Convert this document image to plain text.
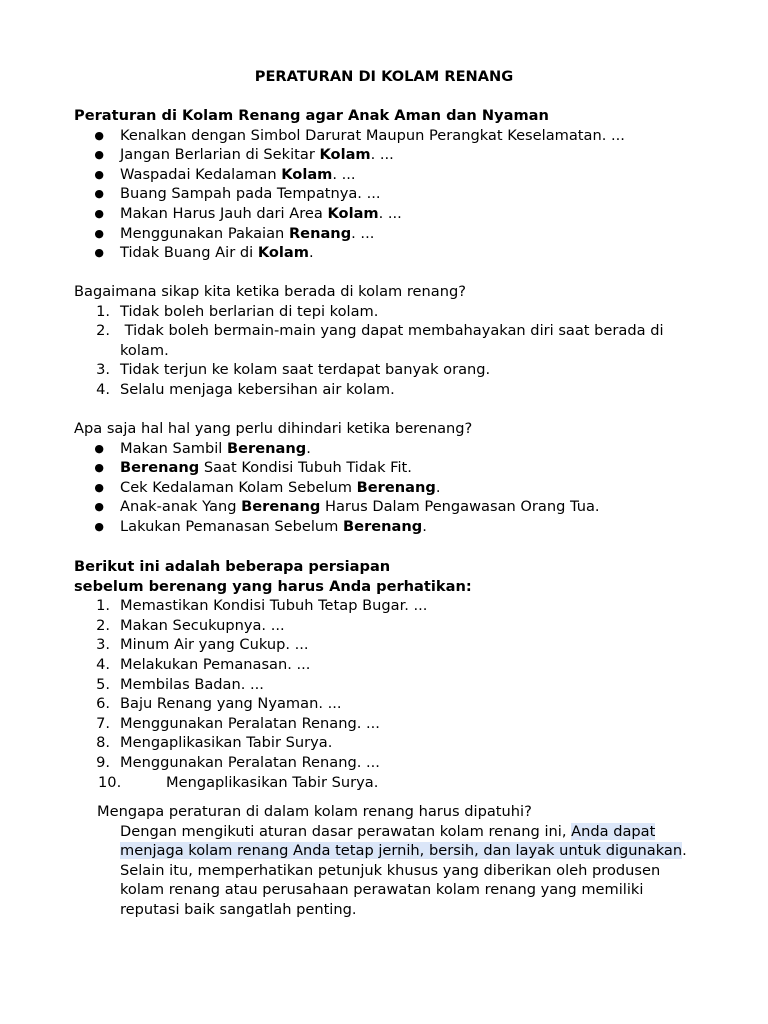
PERATURAN DI KOLAM RENANG
Peraturan di Kolam Renang agar Anak Aman dan Nyaman
● Kenalkan dengan Simbol Darurat Maupun Perangkat Keselamatan. ...
● Jangan Berlarian di Sekitar Kolam. ...
● Waspadai Kedalaman Kolam. ...
● Buang Sampah pada Tempatnya. ...
● Makan Harus Jauh dari Area Kolam. ...
● Menggunakan Pakaian Renang. ...
● Tidak Buang Air di Kolam.
Bagaimana sikap kita ketika berada di kolam renang?
1. Tidak boleh berlarian di tepi kolam.
2. Tidak boleh bermain-main yang dapat membahayakan diri saat berada di kolam.
3. Tidak terjun ke kolam saat terdapat banyak orang.
4. Selalu menjaga kebersihan air kolam.
Apa saja hal hal yang perlu dihindari ketika berenang?
● Makan Sambil Berenang.
● Berenang Saat Kondisi Tubuh Tidak Fit.
● Cek Kedalaman Kolam Sebelum Berenang.
● Anak-anak Yang Berenang Harus Dalam Pengawasan Orang Tua.
● Lakukan Pemanasan Sebelum Berenang.
Berikut ini adalah beberapa persiapan
sebelum berenang yang harus Anda perhatikan:
1. Memastikan Kondisi Tubuh Tetap Bugar. ...
2. Makan Secukupnya. ...
3. Minum Air yang Cukup. ...
4. Melakukan Pemanasan. ...
5. Membilas Badan. ...
6. Baju Renang yang Nyaman. ...
7. Menggunakan Peralatan Renang. ...
8. Mengaplikasikan Tabir Surya.
9. Menggunakan Peralatan Renang. ...
10.	Mengaplikasikan Tabir Surya.
Mengapa peraturan di dalam kolam renang harus dipatuhi?
Dengan mengikuti aturan dasar perawatan kolam renang ini, Anda dapat menjaga kolam renang Anda tetap jernih, bersih, dan layak untuk digunakan. Selain itu, memperhatikan petunjuk khusus yang diberikan oleh produsen kolam renang atau perusahaan perawatan kolam renang yang memiliki reputasi baik sangatlah penting.
